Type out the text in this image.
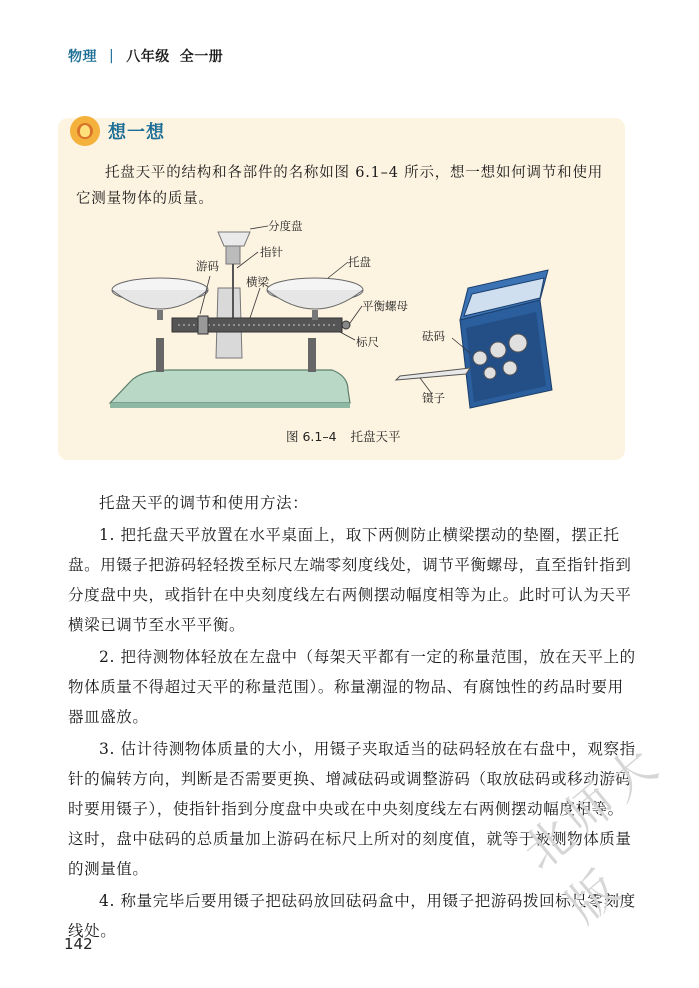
物理 | 八年级 全一册
想一想

托盘天平的结构和各部件的名称如图 6.1–4 所示，想一想如何调节和使用它测量物体的质量。

分度盘
指针
游码
横梁
托盘
平衡螺母
标尺	砝码
镊子
图 6.1–4 托盘天平

托盘天平的调节和使用方法：

1. 把托盘天平放置在水平桌面上，取下两侧防止横梁摆动的垫圈，摆正托盘。用镊子把游码轻轻拨至标尺左端零刻度线处，调节平衡螺母，直至指针指到分度盘中央，或指针在中央刻度线左右两侧摆动幅度相等为止。此时可认为天平横梁已调节至水平平衡。

2. 把待测物体轻放在左盘中（每架天平都有一定的称量范围，放在天平上的物体质量不得超过天平的称量范围）。称量潮湿的物品、有腐蚀性的药品时要用器皿盛放。

3. 估计待测物体质量的大小，用镊子夹取适当的砝码轻放在右盘中，观察指针的偏转方向，判断是否需要更换、增减砝码或调整游码（取放砝码或移动游码时要用镊子），使指针指到分度盘中央或在中央刻度线左右两侧摆动幅度相等。这时，盘中砝码的总质量加上游码在标尺上所对的刻度值，就等于被测物体质量的测量值。

4. 称量完毕后要用镊子把砝码放回砝码盒中，用镊子把游码拨回标尺零刻度线处。

142
北师大版
